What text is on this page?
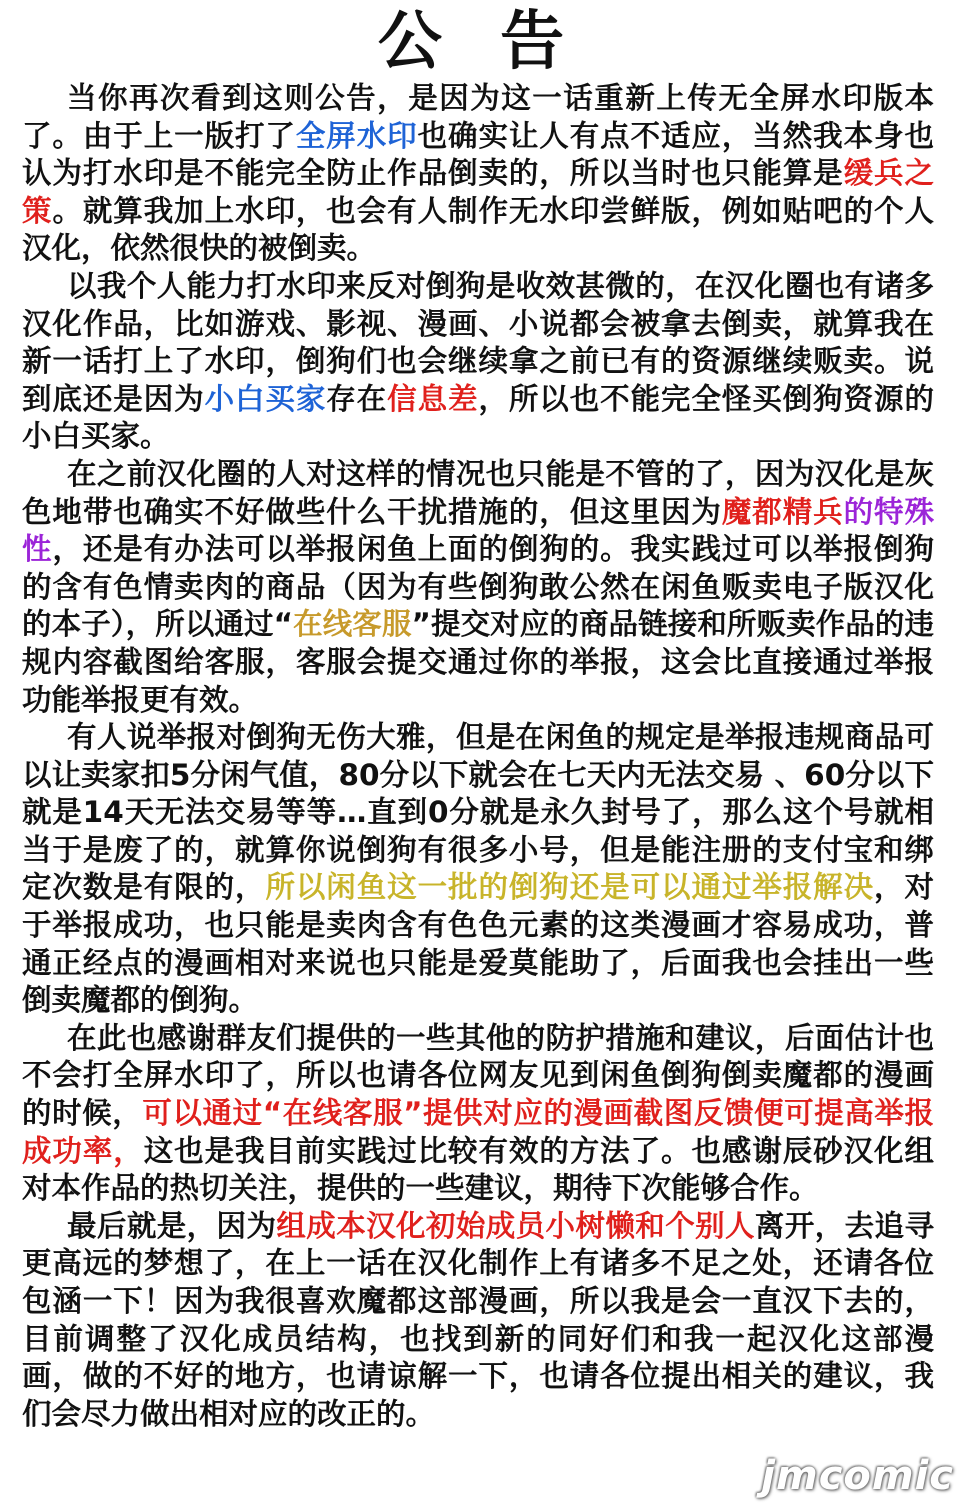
公 告

当你再次看到这则公告，是因为这一话重新上传无全屏水印版本了。由于上一版打了全屏水印也确实让人有点不适应，当然我本身也认为打水印是不能完全防止作品倒卖的，所以当时也只能算是缓兵之策。就算我加上水印，也会有人制作无水印尝鲜版，例如贴吧的个人汉化，依然很快的被倒卖。

以我个人能力打水印来反对倒狗是收效甚微的，在汉化圈也有诸多汉化作品，比如游戏、影视、漫画、小说都会被拿去倒卖，就算我在新一话打上了水印，倒狗们也会继续拿之前已有的资源继续贩卖。说到底还是因为小白买家存在信息差，所以也不能完全怪买倒狗资源的小白买家。

在之前汉化圈的人对这样的情况也只能是不管的了，因为汉化是灰色地带也确实不好做些什么干扰措施的，但这里因为魔都精兵的特殊性，还是有办法可以举报闲鱼上面的倒狗的。我实践过可以举报倒狗的含有色情卖肉的商品（因为有些倒狗敢公然在闲鱼贩卖电子版汉化的本子），所以通过“在线客服”提交对应的商品链接和所贩卖作品的违规内容截图给客服，客服会提交通过你的举报，这会比直接通过举报功能举报更有效。

有人说举报对倒狗无伤大雅，但是在闲鱼的规定是举报违规商品可以让卖家扣5分闲气值，80分以下就会在七天内无法交易 、60分以下就是14天无法交易等等…直到0分就是永久封号了，那么这个号就相当于是废了的，就算你说倒狗有很多小号，但是能注册的支付宝和绑定次数是有限的，所以闲鱼这一批的倒狗还是可以通过举报解决，对于举报成功，也只能是卖肉含有色色元素的这类漫画才容易成功，普通正经点的漫画相对来说也只能是爱莫能助了，后面我也会挂出一些倒卖魔都的倒狗。

在此也感谢群友们提供的一些其他的防护措施和建议，后面估计也不会打全屏水印了，所以也请各位网友见到闲鱼倒狗倒卖魔都的漫画的时候，可以通过“在线客服”提供对应的漫画截图反馈便可提高举报成功率，这也是我目前实践过比较有效的方法了。也感谢辰砂汉化组对本作品的热切关注，提供的一些建议，期待下次能够合作。

最后就是，因为组成本汉化初始成员小树懒和个别人离开，去追寻更高远的梦想了，在上一话在汉化制作上有诸多不足之处，还请各位包涵一下！因为我很喜欢魔都这部漫画，所以我是会一直汉下去的，目前调整了汉化成员结构，也找到新的同好们和我一起汉化这部漫画，做的不好的地方，也请谅解一下，也请各位提出相关的建议，我们会尽力做出相对应的改正的。

jmcomic
